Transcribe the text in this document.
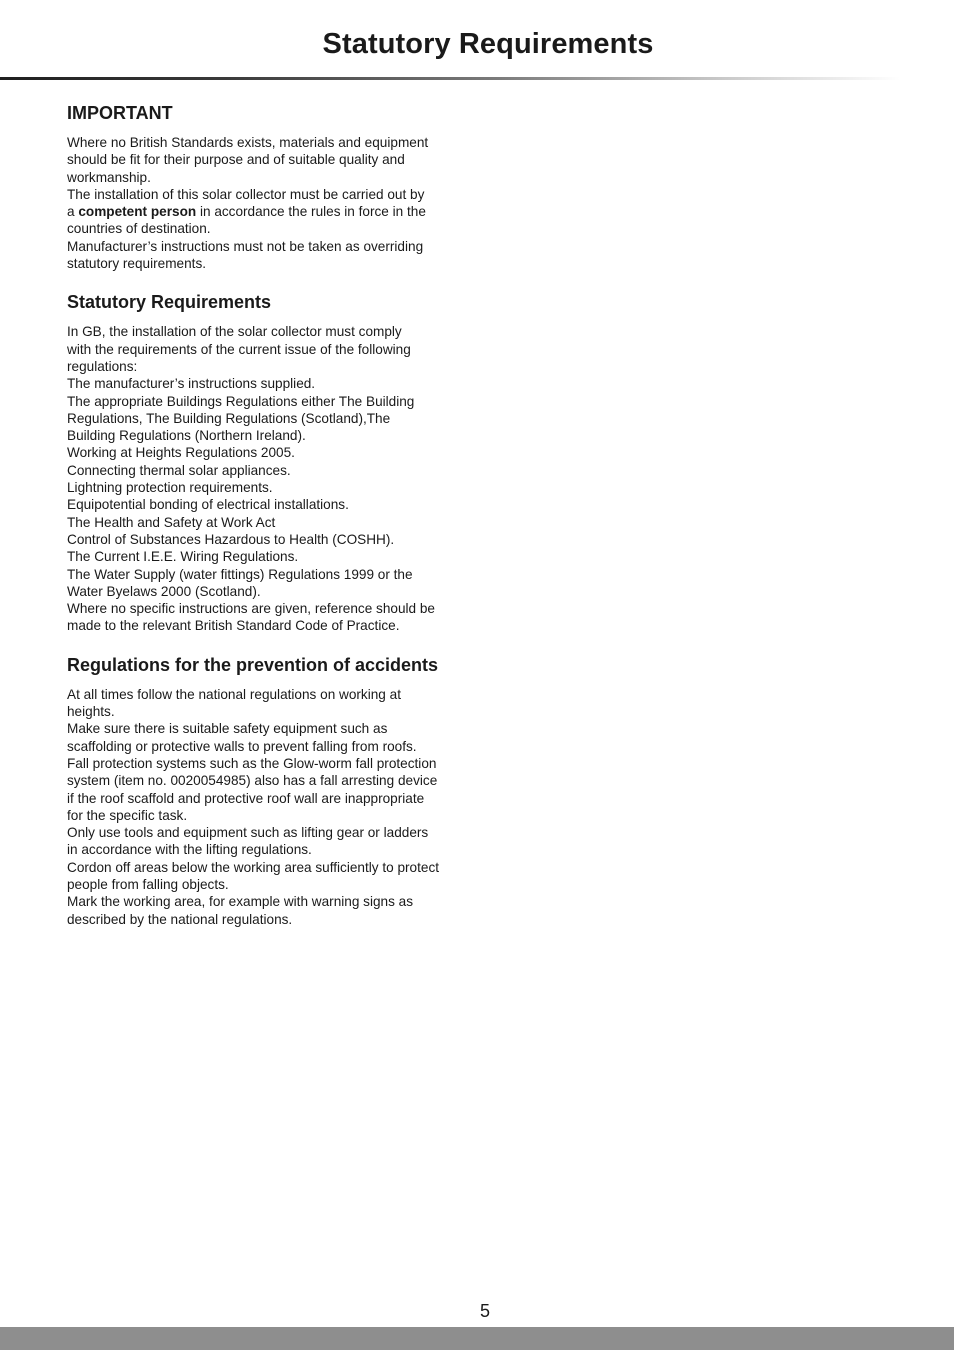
Statutory Requirements
IMPORTANT
Where no British Standards exists, materials and equipment
should be fit for their purpose and of suitable quality and
workmanship.
The installation of this solar collector must be carried out by
a competent person in accordance the rules in force in the
countries of destination.
Manufacturer’s instructions must not be taken as overriding
statutory requirements.
Statutory Requirements
In GB, the installation of the solar collector must comply
with the requirements of the current issue of the following
regulations:
The manufacturer’s instructions supplied.
The appropriate Buildings Regulations either The Building
Regulations, The Building Regulations (Scotland),The
Building Regulations (Northern Ireland).
Working at Heights Regulations 2005.
Connecting thermal solar appliances.
Lightning protection requirements.
Equipotential bonding of electrical installations.
The Health and Safety at Work Act
Control of Substances Hazardous to Health (COSHH).
The Current I.E.E. Wiring Regulations.
The Water Supply (water fittings) Regulations 1999 or the
Water Byelaws 2000 (Scotland).
Where no specific instructions are given, reference should be
made to the relevant British Standard Code of Practice.
Regulations for the prevention of accidents
At all times follow the national regulations on working at
heights.
Make sure there is suitable safety equipment such as
scaffolding or protective walls to prevent falling from roofs.
Fall protection systems such as the Glow-worm fall protection
system (item no. 0020054985) also has a fall arresting device
if the roof scaffold and protective roof wall are inappropriate
for the specific task.
Only use tools and equipment such as lifting gear or ladders
in accordance with the lifting regulations.
Cordon off areas below the working area sufficiently to protect
people from falling objects.
Mark the working area, for example with warning signs as
described by the national regulations.
5
